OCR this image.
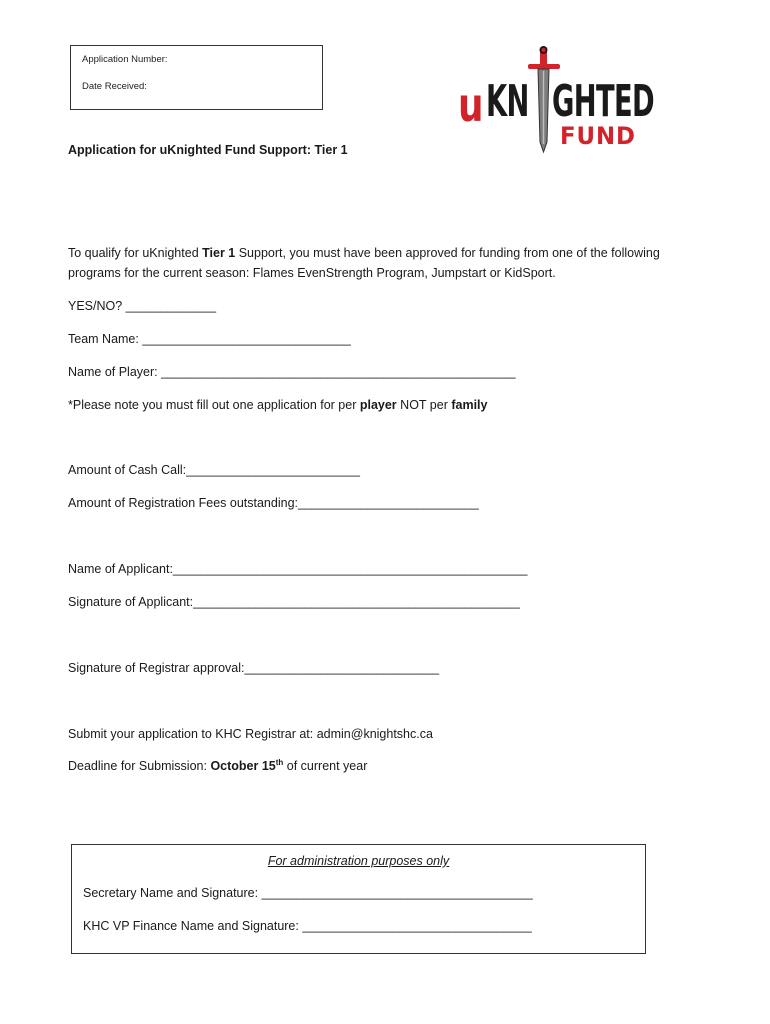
Application Number:
Date Received:	u KN GHTED
FUND
Application for uKnighted Fund Support: Tier 1
To qualify for uKnighted Tier 1 Support, you must have been approved for funding from one of the following
programs for the current season: Flames EvenStrength Program, Jumpstart or KidSport.
YES/NO? _____________
Team Name: ______________________________
Name of Player: ___________________________________________________
*Please note you must fill out one application for per player NOT per family
Amount of Cash Call:_________________________
Amount of Registration Fees outstanding:__________________________
Name of Applicant:___________________________________________________
Signature of Applicant:_______________________________________________
Signature of Registrar approval:____________________________
Submit your application to KHC Registrar at: admin@knightshc.ca
Deadline for Submission: October 15th of current year
For administration purposes only
Secretary Name and Signature: _______________________________________
KHC VP Finance Name and Signature: _________________________________
